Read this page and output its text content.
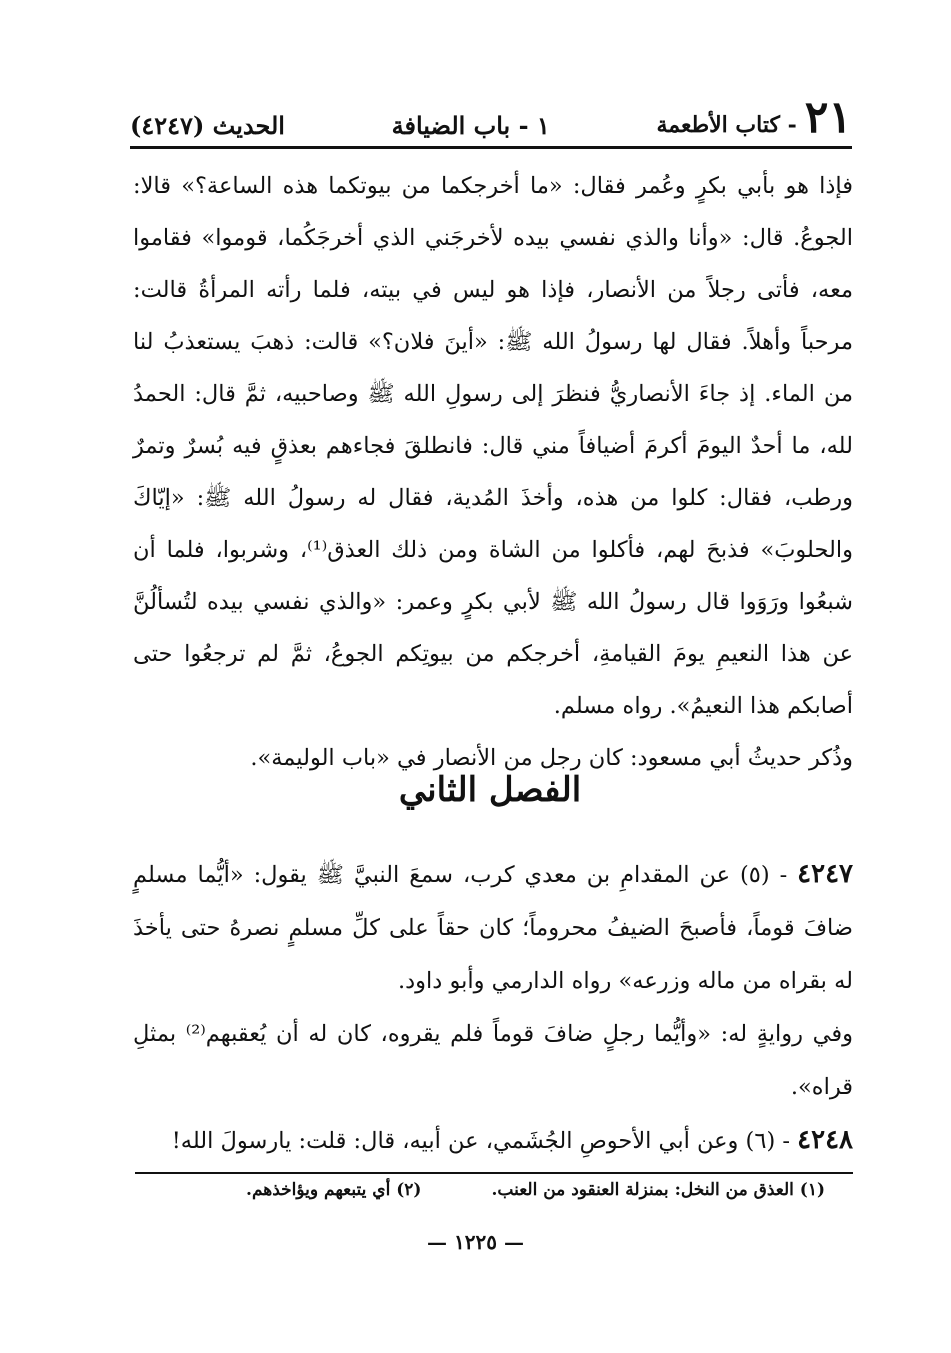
٢١
- كتاب الأطعمة
١ - باب الضيافة
الحديث (٤٢٤٧)

فإذا هو بأبي بكرٍ وعُمر فقال: «ما أخرجكما من بيوتكما هذه الساعة؟» قالا: الجوعُ. قال: «وأنا والذي نفسي بيده لأخرجَني الذي أخرجَكُما، قوموا» فقاموا معه، فأتى رجلاً من الأنصار، فإذا هو ليس في بيته، فلما رأته المرأةُ قالت: مرحباً وأهلاً. فقال لها رسولُ الله ﷺ: «أينَ فلان؟» قالت: ذهبَ يستعذبُ لنا من الماء. إذ جاءَ الأنصاريُّ فنظرَ إلى رسولِ الله ﷺ وصاحبيه، ثمَّ قال: الحمدُ لله، ما أحدٌ اليومَ أكرمَ أضيافاً مني قال: فانطلقَ فجاءهم بعذقٍ فيه بُسرٌ وتمرٌ ورطب، فقال: كلوا من هذه، وأخذَ المُدية، فقال له رسولُ الله ﷺ: «إيّاكَ والحلوبَ» فذبحَ لهم، فأكلوا من الشاة ومن ذلك العذق⁽¹⁾، وشربوا، فلما أن شبعُوا ورَوَوا قال رسولُ الله ﷺ لأبي بكرٍ وعمر: «والذي نفسي بيده لتُسألُنَّ عن هذا النعيمِ يومَ القيامةِ، أخرجكم من بيوتِكم الجوعُ، ثمَّ لم ترجعُوا حتى أصابكم هذا النعيمُ». رواه مسلم.

وذُكر حديثُ أبي مسعود: كان رجل من الأنصار في «باب الوليمة».

الفصل الثاني

٤٢٤٧ - (٥) عن المقدامِ بن معدي كرب، سمعَ النبيَّ ﷺ يقول: «أيُّما مسلمٍ ضافَ قوماً، فأصبحَ الضيفُ محروماً؛ كان حقاً على كلِّ مسلمٍ نصرهُ حتى يأخذَ له بقراه من ماله وزرعه» رواه الدارمي وأبو داود.

وفي روايةٍ له: «وأيُّما رجلٍ ضافَ قوماً فلم يقروه، كان له أن يُعقبهم⁽²⁾ بمثلِ قراه».

٤٢٤٨ - (٦) وعن أبي الأحوصِ الجُشَمي، عن أبيه، قال: قلت: يارسولَ الله!

(١) العذق من النخل: بمنزلة العنقود من العنب.
(٢) أي يتبعهم ويؤاخذهم.
— ١٢٢٥ —
